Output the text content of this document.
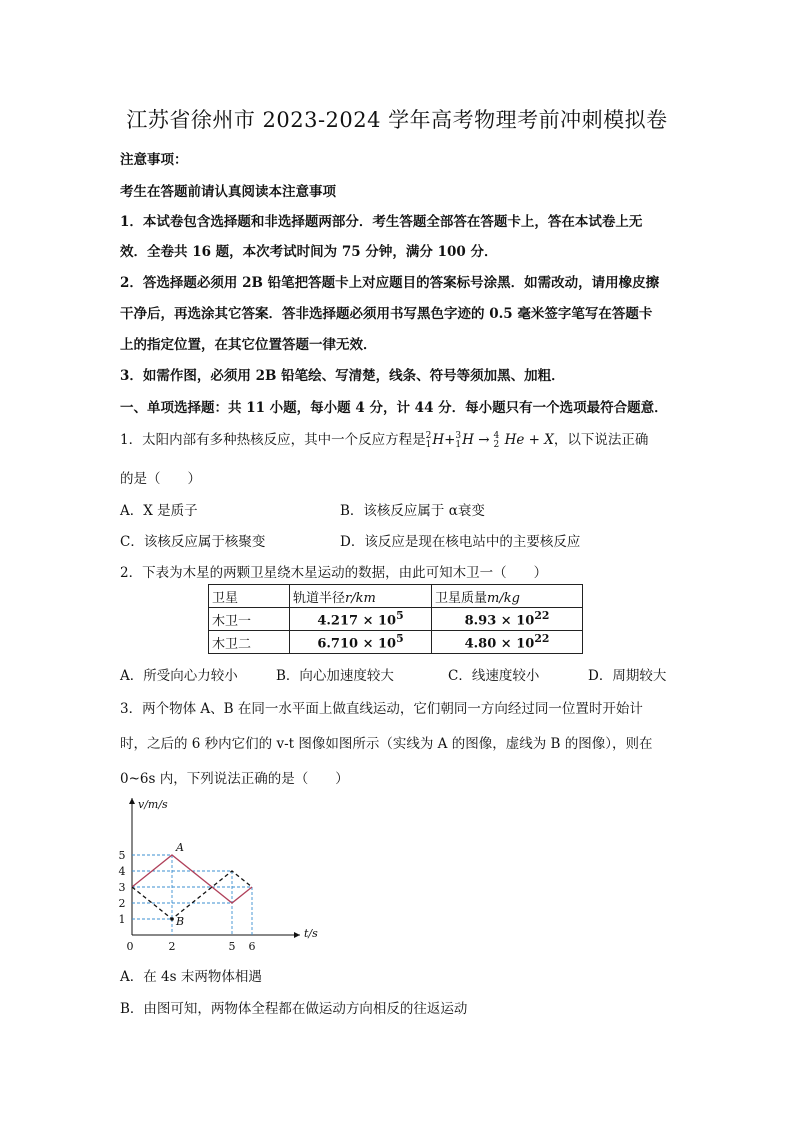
江苏省徐州市 2023-2024 学年高考物理考前冲刺模拟卷
注意事项：
考生在答题前请认真阅读本注意事项
1．本试卷包含选择题和非选择题两部分．考生答题全部答在答题卡上，答在本试卷上无
效．全卷共 16 题，本次考试时间为 75 分钟，满分 100 分．
2．答选择题必须用 2B 铅笔把答题卡上对应题目的答案标号涂黑．如需改动，请用橡皮擦
干净后，再选涂其它答案．答非选择题必须用书写黑色字迹的 0.5 毫米签字笔写在答题卡
上的指定位置，在其它位置答题一律无效．
3．如需作图，必须用 2B 铅笔绘、写清楚，线条、符号等须加黑、加粗．
一、单项选择题：共 11 小题，每小题 4 分，计 44 分．每小题只有一个选项最符合题意．
1．太阳内部有多种热核反应，其中一个反应方程是2
1H+3
1H → 4
2 He + X，以下说法正确
的是（　　）
A．X 是质子	B．该核反应属于 α衰变
C．该核反应属于核聚变	D．该反应是现在核电站中的主要核反应
2．下表为木星的两颗卫星绕木星运动的数据，由此可知木卫一（　　）
卫星	轨道半径r/km	卫星质量m/kg
木卫一	$4.217 \times 10^5$	$8.93 \times 10^{22}$
木卫二	$6.710 \times 10^5$	$4.80 \times 10^{22}$
A．所受向心力较小	B．向心加速度较大	C．线速度较小	D．周期较大
3．两个物体 A、B 在同一水平面上做直线运动，它们朝同一方向经过同一位置时开始计
时，之后的 6 秒内它们的 v-t 图像如图所示（实线为 A 的图像，虚线为 B 的图像），则在
0~6s 内，下列说法正确的是（　　）
A
B
1
2
3
4
5
2	5 6
0
v/m/s
t/s
A．在 4s 末两物体相遇
B．由图可知，两物体全程都在做运动方向相反的往返运动
